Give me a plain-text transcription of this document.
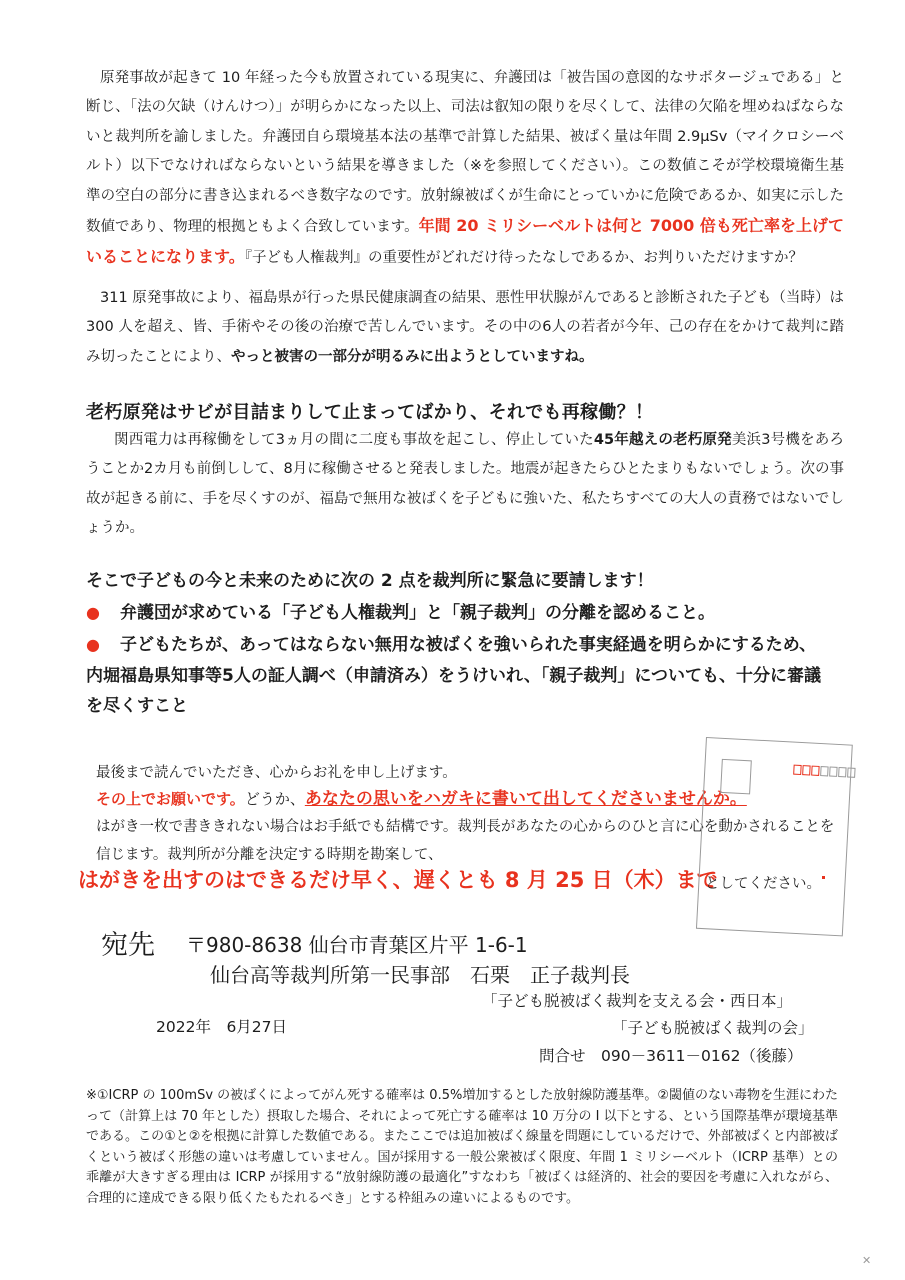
原発事故が起きて 10 年経った今も放置されている現実に、弁護団は「被告国の意図的なサボタージュである」と断じ、「法の欠缺（けんけつ）」が明らかになった以上、司法は叡知の限りを尽くして、法律の欠陥を埋めねばならないと裁判所を諭しました。弁護団自ら環境基本法の基準で計算した結果、被ばく量は年間 2.9μSv（マイクロシーベルト）以下でなければならないという結果を導きました（※を参照してください）。この数値こそが学校環境衛生基準の空白の部分に書き込まれるべき数字なのです。放射線被ばくが生命にとっていかに危険であるか、如実に示した数値であり、物理的根拠ともよく合致しています。年間 20 ミリシーベルトは何と 7000 倍も死亡率を上げていることになります。『子ども人権裁判』の重要性がどれだけ待ったなしであるか、お判りいただけますか？

311 原発事故により、福島県が行った県民健康調査の結果、悪性甲状腺がんであると診断された子ども（当時）は 300 人を超え、皆、手術やその後の治療で苦しんでいます。その中の6人の若者が今年、己の存在をかけて裁判に踏み切ったことにより、やっと被害の一部分が明るみに出ようとしていますね。

老朽原発はサビが目詰まりして止まってばかり、それでも再稼働？！

関西電力は再稼働をして3ヵ月の間に二度も事故を起こし、停止していた45年越えの老朽原発美浜3号機をあろうことか2カ月も前倒しして、8月に稼働させると発表しました。地震が起きたらひとたまりもないでしょう。次の事故が起きる前に、手を尽くすのが、福島で無用な被ばくを子どもに強いた、私たちすべての大人の責務ではないでしょうか。

そこで子どもの今と未来のために次の 2 点を裁判所に緊急に要請します！

● 弁護団が求めている「子ども人権裁判」と「親子裁判」の分離を認めること。

● 子どもたちが、あってはならない無用な被ばくを強いられた事実経過を明らかにするため、内堀福島県知事等5人の証人調べ（申請済み）をうけいれ、「親子裁判」についても、十分に審議を尽くすこと

最後まで読んでいただき、心からお礼を申し上げます。

その上でお願いです。どうか、あなたの思いをハガキに書いて出してくださいませんか。

はがき一枚で書ききれない場合はお手紙でも結構です。裁判長があなたの心からのひと言に心を動かされることを信じます。裁判所が分離を決定する時期を勘案して、

はがきを出すのはできるだけ早く、遅くとも 8 月 25 日（木）まで

としてください。

宛先 〒980-8638 仙台市青葉区片平 1-6-1

仙台高等裁判所第一民事部　石栗　正子裁判長

「子ども脱被ばく裁判を支える会・西日本」

2022年　6月27日	「子ども脱被ばく裁判の会」

問合せ　090－3611－0162（後藤）

※①ICRP の 100mSv の被ばくによってがん死する確率は 0.5%増加するとした放射線防護基準。②閾値のない毒物を生涯にわたって（計算上は 70 年とした）摂取した場合、それによって死亡する確率は 10 万分の Ⅰ 以下とする、という国際基準が環境基準である。この①と②を根拠に計算した数値である。またここでは追加被ばく線量を問題にしているだけで、外部被ばくと内部被ばくという被ばく形態の違いは考慮していません。国が採用する一般公衆被ばく限度、年間 1 ミリシーベルト（ICRP 基準）との乖離が大きすぎる理由は ICRP が採用する“放射線防護の最適化”すなわち「被ばくは経済的、社会的要因を考慮に入れながら、合理的に達成できる限り低くたもたれるべき」とする枠組みの違いによるものです。

✕
